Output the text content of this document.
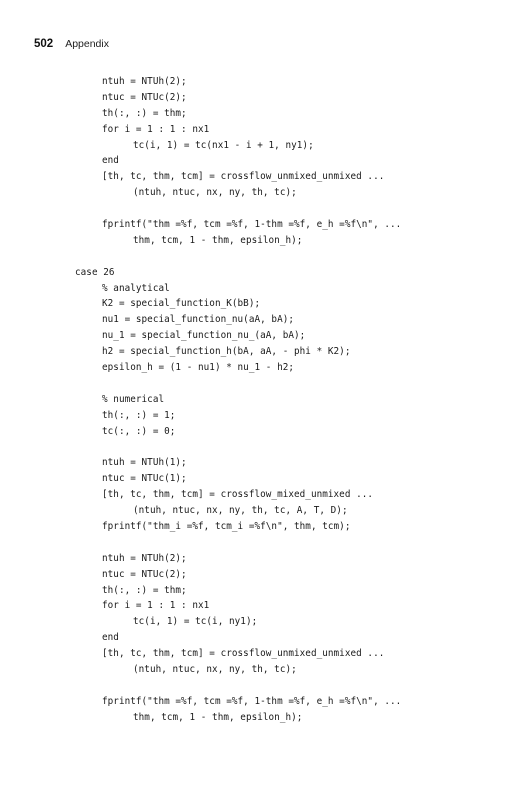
502 Appendix
ntuh = NTUh(2);
ntuc = NTUc(2);
th(:, :) = thm;
for i = 1 : 1 : nx1
tc(i, 1) = tc(nx1 - i + 1, ny1);
end
[th, tc, thm, tcm] = crossflow_unmixed_unmixed ...
(ntuh, ntuc, nx, ny, th, tc);
fprintf("thm =%f, tcm =%f, 1-thm =%f, e_h =%f\n", ...
thm, tcm, 1 - thm, epsilon_h);
case 26
% analytical
K2 = special_function_K(bB);
nu1 = special_function_nu(aA, bA);
nu_1 = special_function_nu_(aA, bA);
h2 = special_function_h(bA, aA, - phi * K2);
epsilon_h = (1 - nu1) * nu_1 - h2;
% numerical
th(:, :) = 1;
tc(:, :) = 0;
ntuh = NTUh(1);
ntuc = NTUc(1);
[th, tc, thm, tcm] = crossflow_mixed_unmixed ...
(ntuh, ntuc, nx, ny, th, tc, A, T, D);
fprintf("thm_i =%f, tcm_i =%f\n", thm, tcm);
ntuh = NTUh(2);
ntuc = NTUc(2);
th(:, :) = thm;
for i = 1 : 1 : nx1
tc(i, 1) = tc(i, ny1);
end
[th, tc, thm, tcm] = crossflow_unmixed_unmixed ...
(ntuh, ntuc, nx, ny, th, tc);
fprintf("thm =%f, tcm =%f, 1-thm =%f, e_h =%f\n", ...
thm, tcm, 1 - thm, epsilon_h);
